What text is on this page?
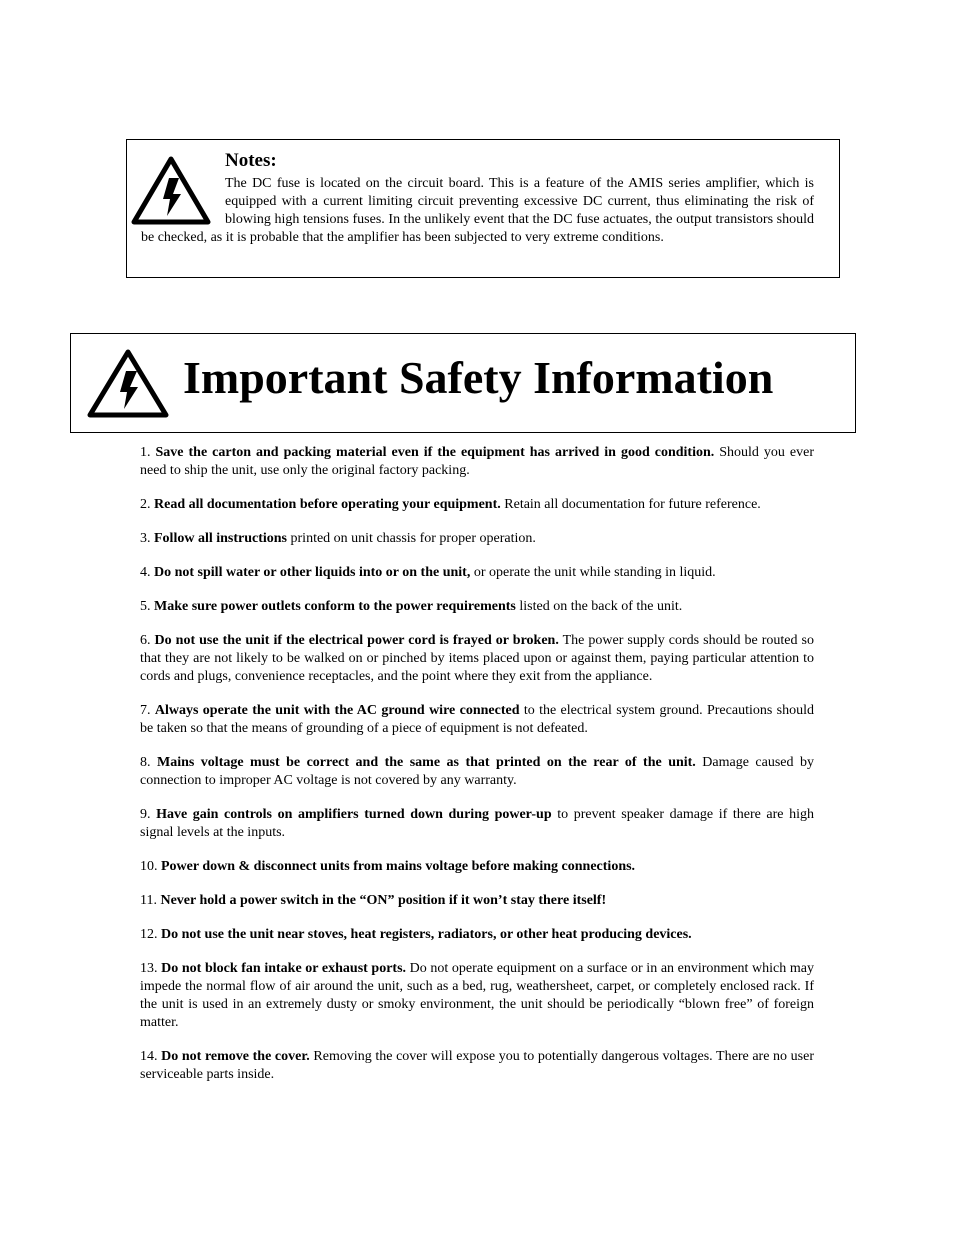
Notes:
The DC fuse is located on the circuit board. This is a feature of the AMIS series amplifier, which is equipped with a current limiting circuit preventing excessive DC current, thus eliminating the risk of blowing high tensions fuses. In the unlikely event that the DC fuse actuates, the output transistors should be checked, as it is probable that the amplifier has been subjected to very extreme conditions.
Important Safety Information
1. Save the carton and packing material even if the equipment has arrived in good condition. Should you ever need to ship the unit, use only the original factory packing.
2. Read all documentation before operating your equipment. Retain all documentation for future reference.
3. Follow all instructions printed on unit chassis for proper operation.
4. Do not spill water or other liquids into or on the unit, or operate the unit while standing in liquid.
5. Make sure power outlets conform to the power requirements listed on the back of the unit.
6. Do not use the unit if the electrical power cord is frayed or broken. The power supply cords should be routed so that they are not likely to be walked on or pinched by items placed upon or against them, paying particular attention to cords and plugs, convenience receptacles, and the point where they exit from the appliance.
7. Always operate the unit with the AC ground wire connected to the electrical system ground. Precautions should be taken so that the means of grounding of a piece of equipment is not defeated.
8. Mains voltage must be correct and the same as that printed on the rear of the unit. Damage caused by connection to improper AC voltage is not covered by any warranty.
9. Have gain controls on amplifiers turned down during power-up to prevent speaker damage if there are high signal levels at the inputs.
10. Power down & disconnect units from mains voltage before making connections.
11. Never hold a power switch in the “ON” position if it won’t stay there itself!
12. Do not use the unit near stoves, heat registers, radiators, or other heat producing devices.
13. Do not block fan intake or exhaust ports. Do not operate equipment on a surface or in an environment which may impede the normal flow of air around the unit, such as a bed, rug, weathersheet, carpet, or completely enclosed rack. If the unit is used in an extremely dusty or smoky environment, the unit should be periodically “blown free” of foreign matter.
14. Do not remove the cover. Removing the cover will expose you to potentially dangerous voltages. There are no user serviceable parts inside.
